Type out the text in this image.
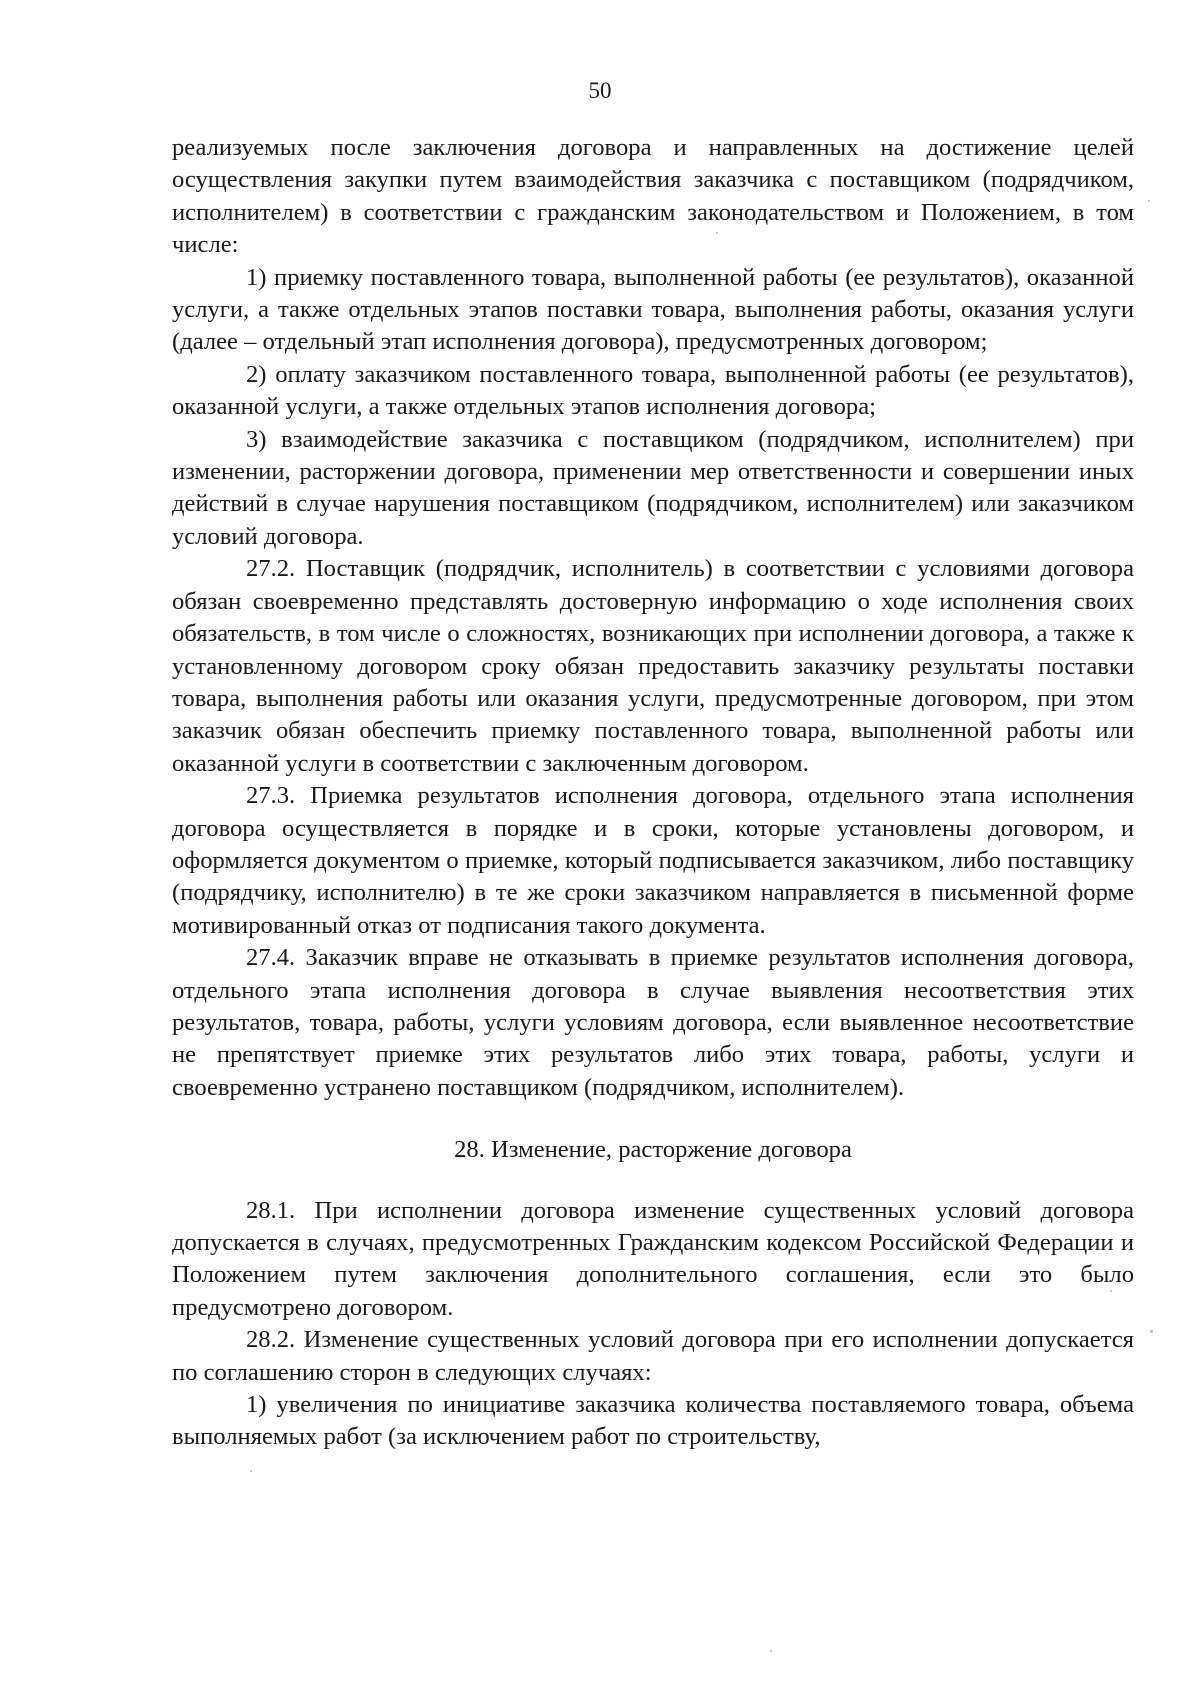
50

реализуемых после заключения договора и направленных на достижение целей осуществления закупки путем взаимодействия заказчика с поставщиком (подрядчиком, исполнителем) в соответствии с гражданским законодательством и Положением, в том числе:

1) приемку поставленного товара, выполненной работы (ее результатов), оказанной услуги, а также отдельных этапов поставки товара, выполнения работы, оказания услуги (далее – отдельный этап исполнения договора), предусмотренных договором;

2) оплату заказчиком поставленного товара, выполненной работы (ее результатов), оказанной услуги, а также отдельных этапов исполнения договора;

3) взаимодействие заказчика с поставщиком (подрядчиком, исполнителем) при изменении, расторжении договора, применении мер ответственности и совершении иных действий в случае нарушения поставщиком (подрядчиком, исполнителем) или заказчиком условий договора.

27.2. Поставщик (подрядчик, исполнитель) в соответствии с условиями договора обязан своевременно представлять достоверную информацию о ходе исполнения своих обязательств, в том числе о сложностях, возникающих при исполнении договора, а также к установленному договором сроку обязан предоставить заказчику результаты поставки товара, выполнения работы или оказания услуги, предусмотренные договором, при этом заказчик обязан обеспечить приемку поставленного товара, выполненной работы или оказанной услуги в соответствии с заключенным договором.

27.3. Приемка результатов исполнения договора, отдельного этапа исполнения договора осуществляется в порядке и в сроки, которые установлены договором, и оформляется документом о приемке, который подписывается заказчиком, либо поставщику (подрядчику, исполнителю) в те же сроки заказчиком направляется в письменной форме мотивированный отказ от подписания такого документа.

27.4. Заказчик вправе не отказывать в приемке результатов исполнения договора, отдельного этапа исполнения договора в случае выявления несоответствия этих результатов, товара, работы, услуги условиям договора, если выявленное несоответствие не препятствует приемке этих результатов либо этих товара, работы, услуги и своевременно устранено поставщиком (подрядчиком, исполнителем).

28. Изменение, расторжение договора

28.1. При исполнении договора изменение существенных условий договора допускается в случаях, предусмотренных Гражданским кодексом Российской Федерации и Положением путем заключения дополнительного соглашения, если это было предусмотрено договором.

28.2. Изменение существенных условий договора при его исполнении допускается по соглашению сторон в следующих случаях:

1) увеличения по инициативе заказчика количества поставляемого товара, объема выполняемых работ (за исключением работ по строительству,
